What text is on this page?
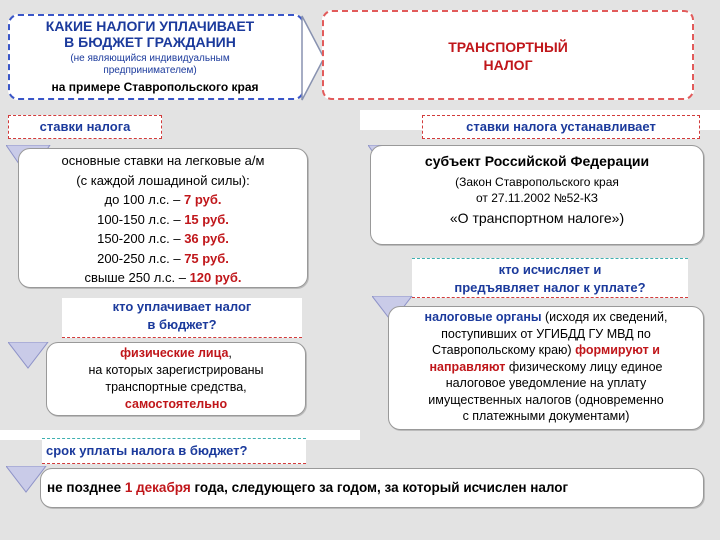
КАКИЕ НАЛОГИ УПЛАЧИВАЕТ
В БЮДЖЕТ ГРАЖДАНИН
(не являющийся индивидуальным
предпринимателем)
на примере Ставропольского края
ТРАНСПОРТНЫЙ
НАЛОГ
ставки налога
основные ставки на легковые а/м
(с каждой лошадиной силы):
до 100 л.с. – 7 руб.
100-150 л.с. – 15 руб.
150-200 л.с. – 36 руб.
200-250 л.с. – 75 руб.
свыше 250 л.с. – 120 руб.
кто уплачивает налог
в бюджет?
физические лица,
на которых зарегистрированы
транспортные средства,
самостоятельно
ставки налога устанавливает
субъект Российской Федерации
(Закон Ставропольского края
от 27.11.2002 №52-КЗ
«О транспортном налоге»)
кто исчисляет и
предъявляет налог к уплате?
налоговые органы (исходя их сведений,
поступивших от УГИБДД ГУ МВД по
Ставропольскому краю) формируют и
направляют физическому лицу единое
налоговое уведомление на уплату
имущественных налогов (одновременно
с платежными документами)
срок уплаты налога в бюджет?
не позднее 1 декабря года, следующего за годом, за который исчислен налог
